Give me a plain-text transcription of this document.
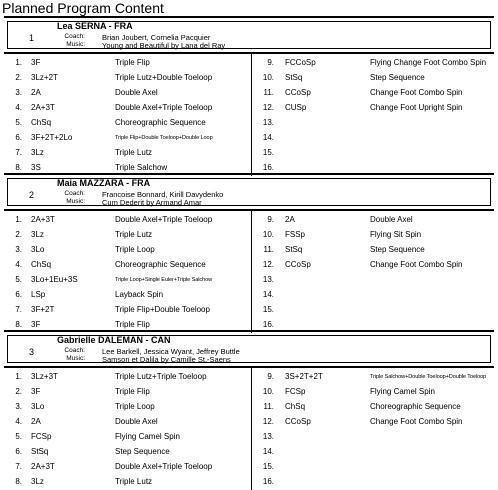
Planned Program Content
Lea SERNA - FRA
1	Coach: Brian Joubert, Cornelia Pacquier
Music: Young and Beautiful by Lana del Ray
1. 3F	Triple Flip
2. 3Lz+2T	Triple Lutz+Double Toeloop
3. 2A	Double Axel
4. 2A+3T	Double Axel+Triple Toeloop
5. ChSq	Choreographic Sequence
6. 3F+2T+2Lo	Triple Flip+Double Toeloop+Double Loop
7. 3Lz	Triple Lutz
8. 3S	Triple Salchow
9. FCCoSp	Flying Change Foot Combo Spin
10. StSq	Step Sequence
11. CCoSp	Change Foot Combo Spin
12. CUSp	Change Foot Upright Spin
13.
14.
15.
16.
Maia MAZZARA - FRA
2	Coach: Francoise Bonnard, Kirill Davydenko
Music: Cum Dederit by Armand Amar
1. 2A+3T	Double Axel+Triple Toeloop
2. 3Lz	Triple Lutz
3. 3Lo	Triple Loop
4. ChSq	Choreographic Sequence
5. 3Lo+1Eu+3S	Triple Loop+Single Euler+Triple Salchow
6. LSp	Layback Spin
7. 3F+2T	Triple Flip+Double Toeloop
8. 3F	Triple Flip
9. 2A	Double Axel
10. FSSp	Flying Sit Spin
11. StSq	Step Sequence
12. CCoSp	Change Foot Combo Spin
13.
14.
15.
16.
Gabrielle DALEMAN - CAN
3	Coach: Lee Barkell, Jessica Wyant, Jeffrey Buttle
Music: Samson et Dalila by Camille St.-Saens
1. 3Lz+3T	Triple Lutz+Triple Toeloop
2. 3F	Triple Flip
3. 3Lo	Triple Loop
4. 2A	Double Axel
5. FCSp	Flying Camel Spin
6. StSq	Step Sequence
7. 2A+3T	Double Axel+Triple Toeloop
8. 3Lz	Triple Lutz
9. 3S+2T+2T	Triple Salchow+Double Toeloop+Double Toeloop
10. FCSp	Flying Camel Spin
11. ChSq	Choreographic Sequence
12. CCoSp	Change Foot Combo Spin
13.
14.
15.
16.
